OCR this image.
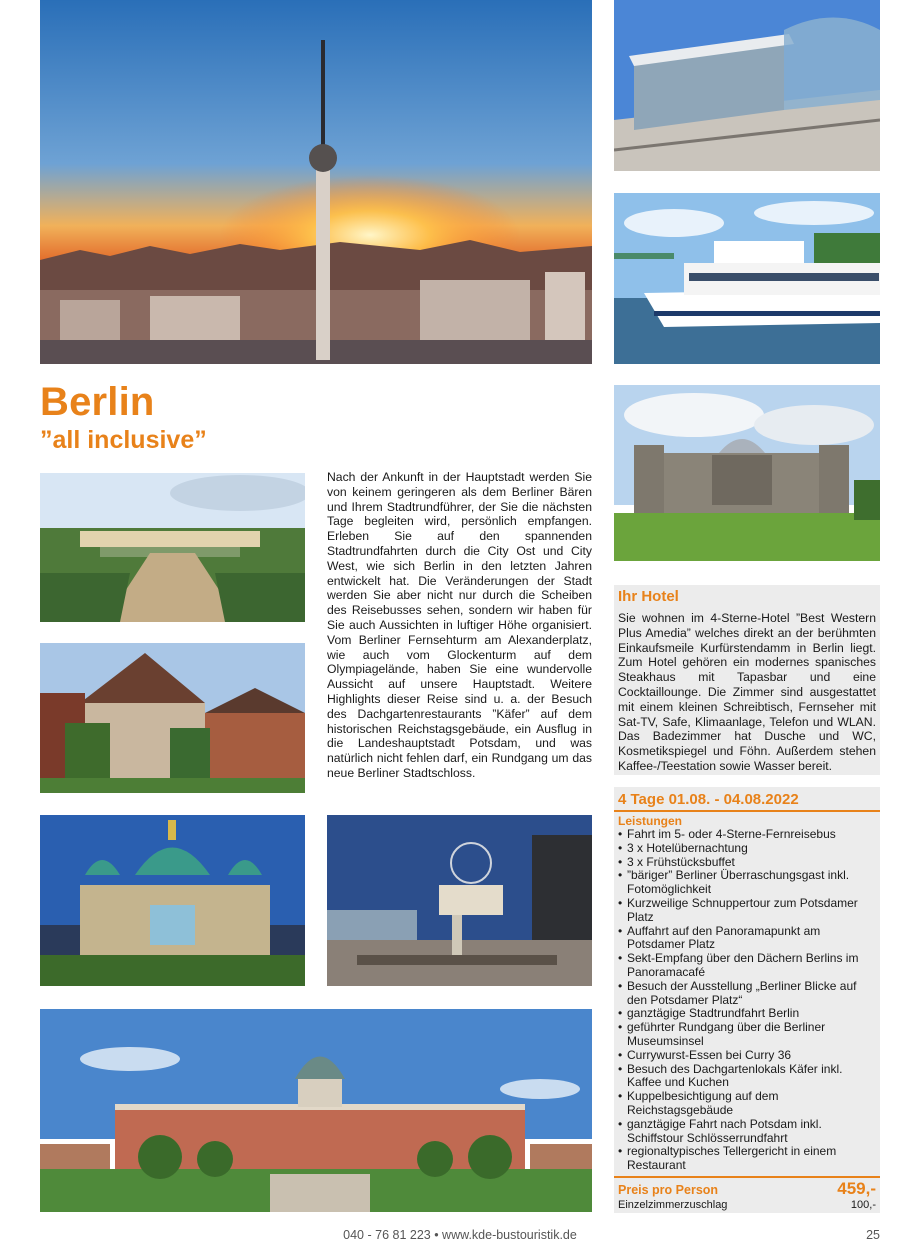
Berlin
”all inclusive”
Nach der Ankunft in der Hauptstadt werden Sie von keinem geringeren als dem Berliner Bären und Ihrem Stadtrundführer, der Sie die nächsten Tage begleiten wird, persönlich empfangen. Erleben Sie auf den spannenden Stadtrundfahrten durch die City Ost und City West, wie sich Berlin in den letzten Jahren entwickelt hat. Die Veränderungen der Stadt werden Sie aber nicht nur durch die Scheiben des Reisebusses sehen, sondern wir haben für Sie auch Aussichten in luftiger Höhe organisiert. Vom Berliner Fernsehturm am Alexanderplatz, wie auch vom Glockenturm auf dem Olympiagelände, haben Sie eine wundervolle Aussicht auf unsere Hauptstadt. Weitere Highlights dieser Reise sind u. a. der Besuch des Dachgartenrestaurants ”Käfer” auf dem historischen Reichstagsgebäude, ein Ausflug in die Landeshauptstadt Potsdam, und was natürlich nicht fehlen darf, ein Rundgang um das neue Berliner Stadtschloss.
Ihr Hotel
Sie wohnen im 4-Sterne-Hotel ”Best Western Plus Amedia” welches direkt an der berühmten Einkaufsmeile Kurfürstendamm in Berlin liegt. Zum Hotel gehören ein modernes spanisches Steakhaus mit Tapasbar und eine Cocktaillounge. Die Zimmer sind ausgestattet mit einem kleinen Schreibtisch, Fernseher mit Sat-TV, Safe, Klimaanlage, Telefon und WLAN. Das Badezimmer hat Dusche und WC, Kosmetikspiegel und Föhn. Außerdem stehen Kaffee-/Teestation sowie Wasser bereit.
4 Tage 01.08. - 04.08.2022
Leistungen
• Fahrt im 5- oder 4-Sterne-Fernreisebus
• 3 x Hotelübernachtung
• 3 x Frühstücksbuffet
• ”bäriger” Berliner Überraschungsgast inkl. Fotomöglichkeit
• Kurzweilige Schnuppertour zum Potsdamer Platz
• Auffahrt auf den Panoramapunkt am Potsdamer Platz
• Sekt-Empfang über den Dächern Berlins im Panoramacafé
• Besuch der Ausstellung „Berliner Blicke auf den Potsdamer Platz“
• ganztägige Stadtrundfahrt Berlin
• geführter Rundgang über die Berliner Museumsinsel
• Currywurst-Essen bei Curry 36
• Besuch des Dachgartenlokals Käfer inkl. Kaffee und Kuchen
• Kuppelbesichtigung auf dem Reichstagsgebäude
• ganztägige Fahrt nach Potsdam inkl. Schiffstour Schlösserrundfahrt
• regionaltypisches Tellergericht in einem Restaurant
Preis pro Person	459,-
Einzelzimmerzuschlag	100,-
040 - 76 81 223 • www.kde-bustouristik.de	25
